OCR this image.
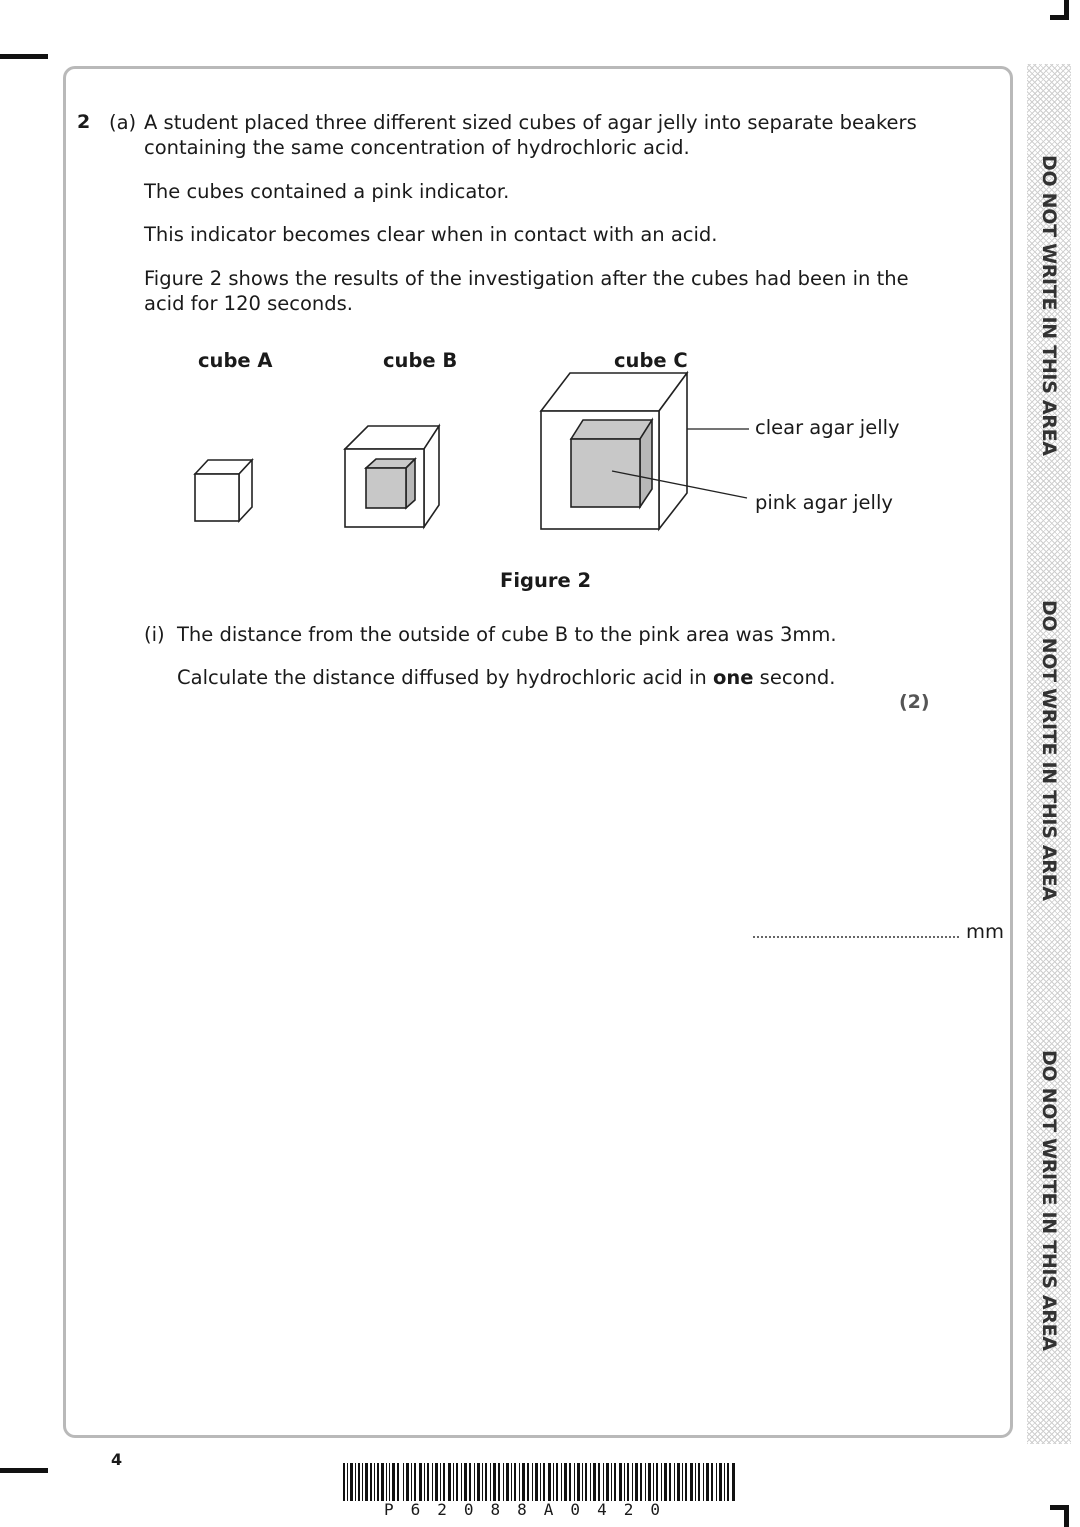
DO NOT WRITE IN THIS AREA
DO NOT WRITE IN THIS AREA
DO NOT WRITE IN THIS AREA
2 (a) A student placed three different sized cubes of agar jelly into separate beakers
containing the same concentration of hydrochloric acid.
The cubes contained a pink indicator.
This indicator becomes clear when in contact with an acid.
Figure 2 shows the results of the investigation after the cubes had been in the
acid for 120 seconds.
cube A	cube B	cube C
clear agar jelly
pink agar jelly
Figure 2
(i) The distance from the outside of cube B to the pink area was 3mm.
Calculate the distance diffused by hydrochloric acid in one second.
(2)
mm
4
P62088A0420
